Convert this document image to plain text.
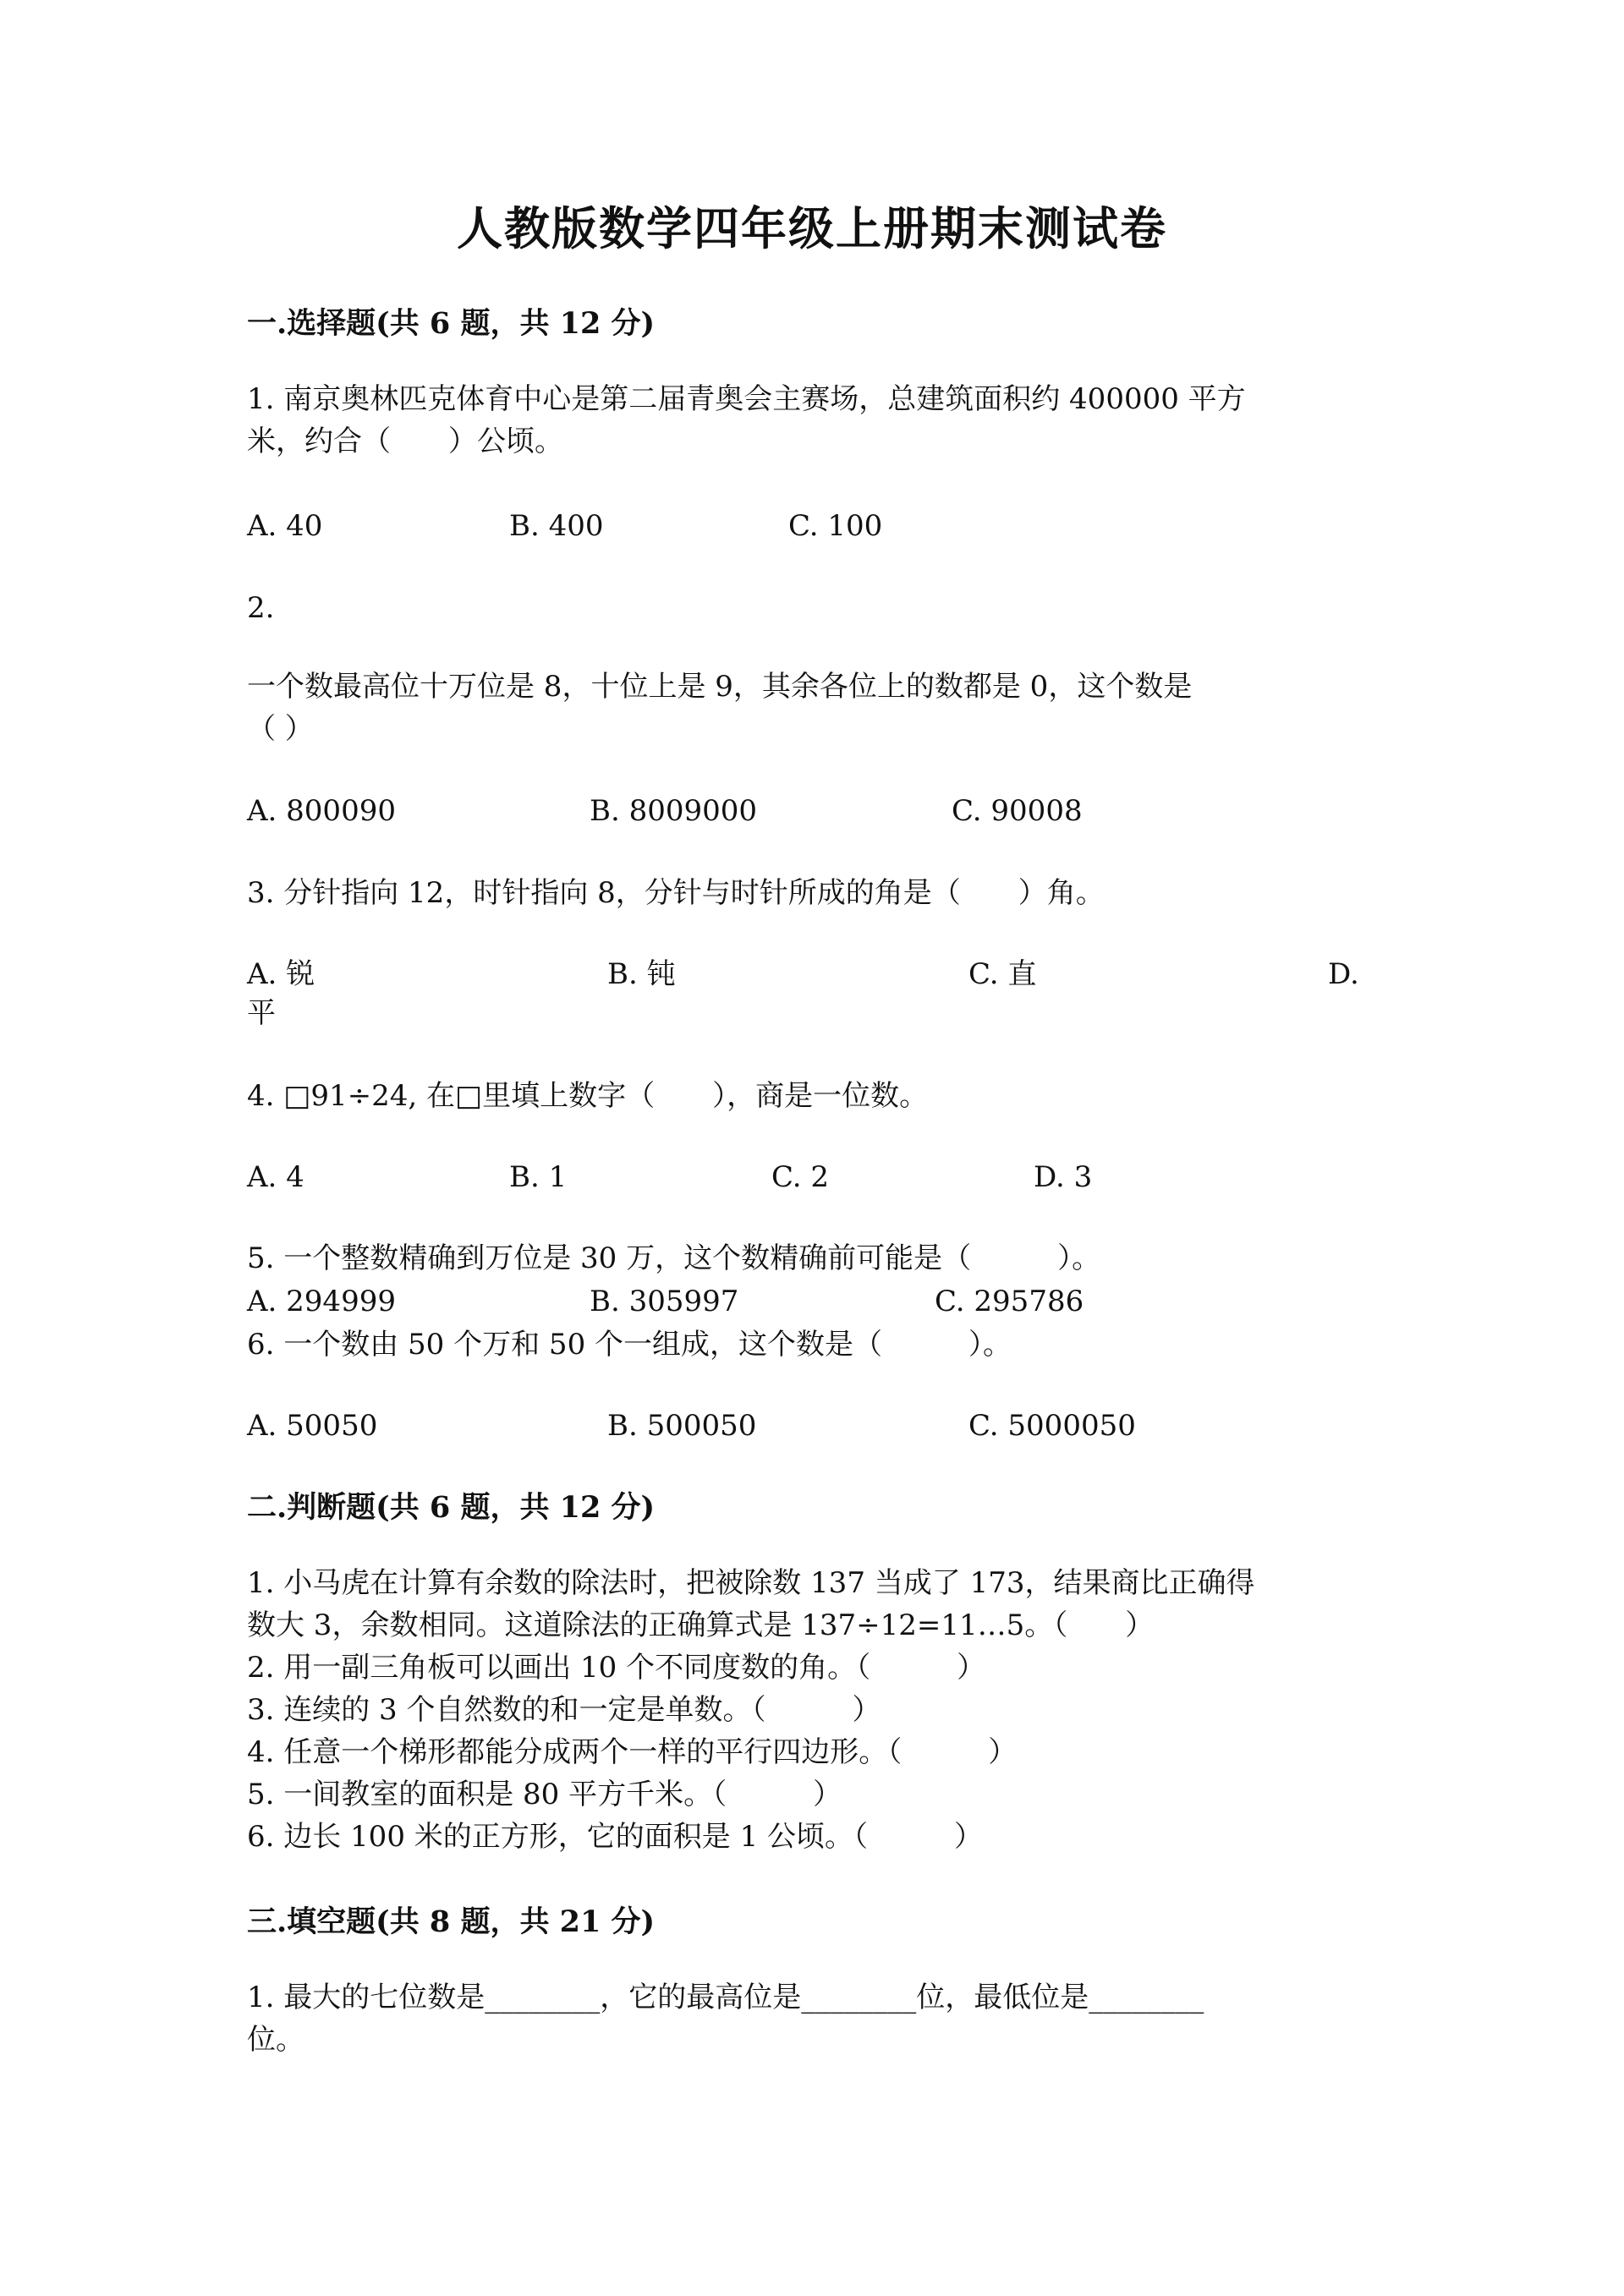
人教版数学四年级上册期末测试卷
一.选择题(共 6 题，共 12 分)
1. 南京奥林匹克体育中心是第二届青奥会主赛场，总建筑面积约 400000 平方
米，约合（　　）公顷。
A. 40	B. 400	C. 100
2.
一个数最高位十万位是 8，十位上是 9，其余各位上的数都是 0，这个数是
（ ）
A. 800090	B. 8009000	C. 90008
3. 分针指向 12，时针指向 8，分针与时针所成的角是（　　）角。
A. 锐	B. 钝	C. 直	D.
平
4. □91÷24, 在□里填上数字（　　），商是一位数。
A. 4	B. 1	C. 2	D. 3
5. 一个整数精确到万位是 30 万，这个数精确前可能是（　　　）。
A. 294999	B. 305997	C. 295786
6. 一个数由 50 个万和 50 个一组成，这个数是（　　　）。
A. 50050	B. 500050	C. 5000050
二.判断题(共 6 题，共 12 分)
1. 小马虎在计算有余数的除法时，把被除数 137 当成了 173，结果商比正确得
数大 3，余数相同。这道除法的正确算式是 137÷12=11…5。（　　）
2. 用一副三角板可以画出 10 个不同度数的角。（　　　）
3. 连续的 3 个自然数的和一定是单数。（　　　）
4. 任意一个梯形都能分成两个一样的平行四边形。（　　　）
5. 一间教室的面积是 80 平方千米。（　　　）
6. 边长 100 米的正方形，它的面积是 1 公顷。（　　　）
三.填空题(共 8 题，共 21 分)
1. 最大的七位数是________，它的最高位是________位，最低位是________
位。
